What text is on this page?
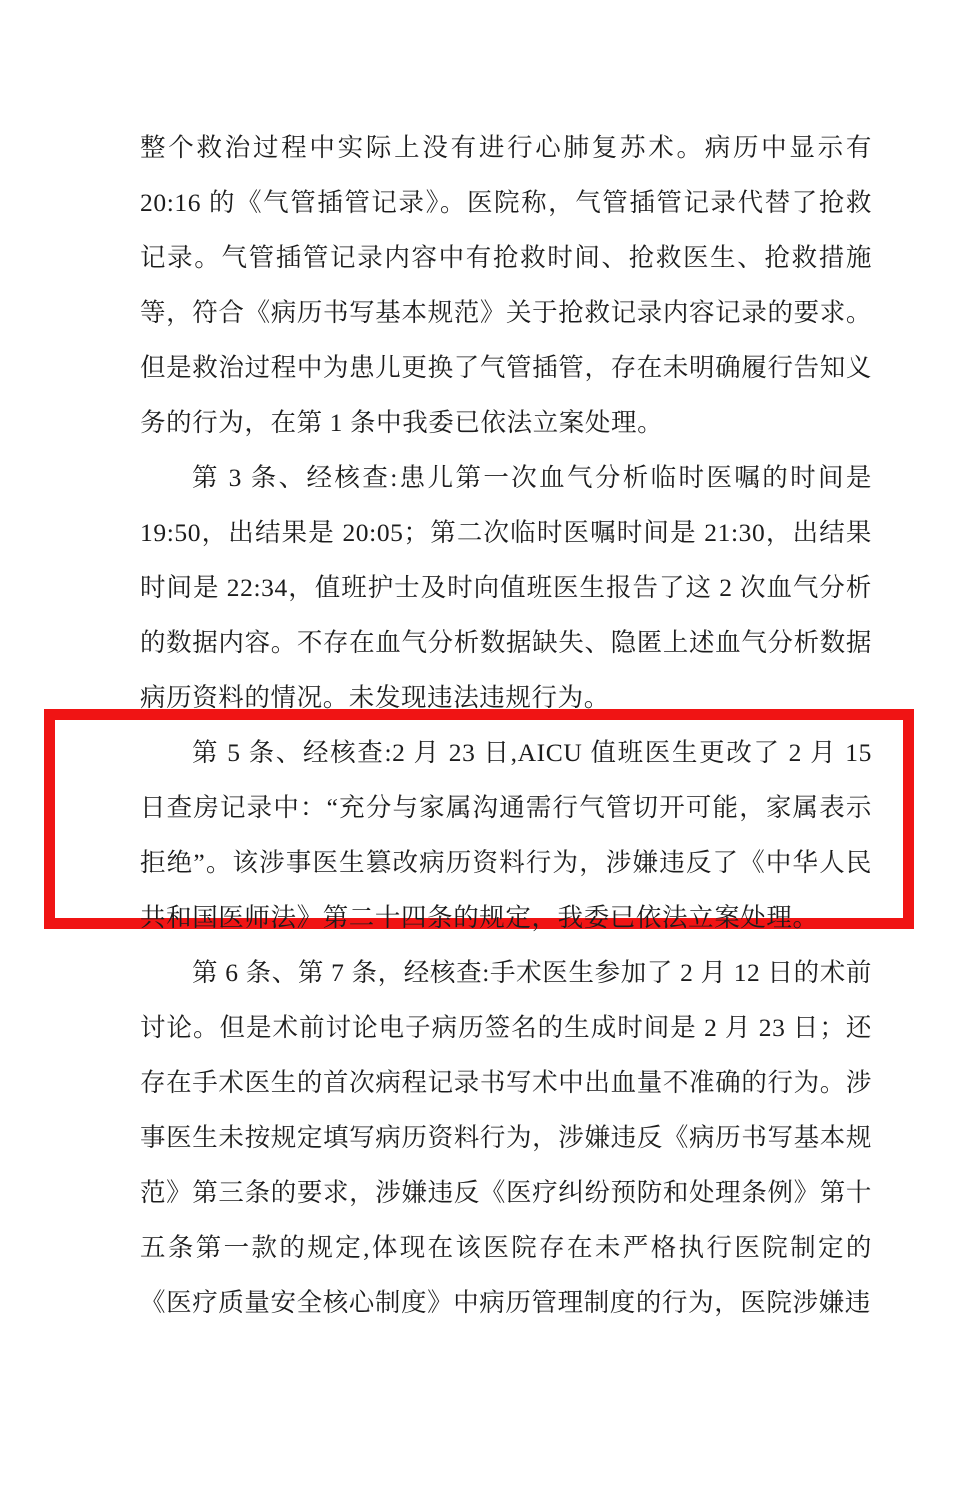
整个救治过程中实际上没有进行心肺复苏术。病历中显示有 20:16 的《气管插管记录》。医院称，气管插管记录代替了抢救记录。气管插管记录内容中有抢救时间、抢救医生、抢救措施等，符合《病历书写基本规范》关于抢救记录内容记录的要求。但是救治过程中为患儿更换了气管插管，存在未明确履行告知义务的行为，在第 1 条中我委已依法立案处理。

第 3 条、经核查:患儿第一次血气分析临时医嘱的时间是 19:50，出结果是 20:05；第二次临时医嘱时间是 21:30，出结果时间是 22:34，值班护士及时向值班医生报告了这 2 次血气分析的数据内容。不存在血气分析数据缺失、隐匿上述血气分析数据病历资料的情况。未发现违法违规行为。

第 5 条、经核查:2 月 23 日,AICU 值班医生更改了 2 月 15 日查房记录中：“充分与家属沟通需行气管切开可能，家属表示拒绝”。该涉事医生篡改病历资料行为，涉嫌违反了《中华人民共和国医师法》第二十四条的规定，我委已依法立案处理。

第 6 条、第 7 条，经核查:手术医生参加了 2 月 12 日的术前讨论。但是术前讨论电子病历签名的生成时间是 2 月 23 日；还存在手术医生的首次病程记录书写术中出血量不准确的行为。涉事医生未按规定填写病历资料行为，涉嫌违反《病历书写基本规范》第三条的要求，涉嫌违反《医疗纠纷预防和处理条例》第十五条第一款的规定,体现在该医院存在未严格执行医院制定的《医疗质量安全核心制度》中病历管理制度的行为，医院涉嫌违
